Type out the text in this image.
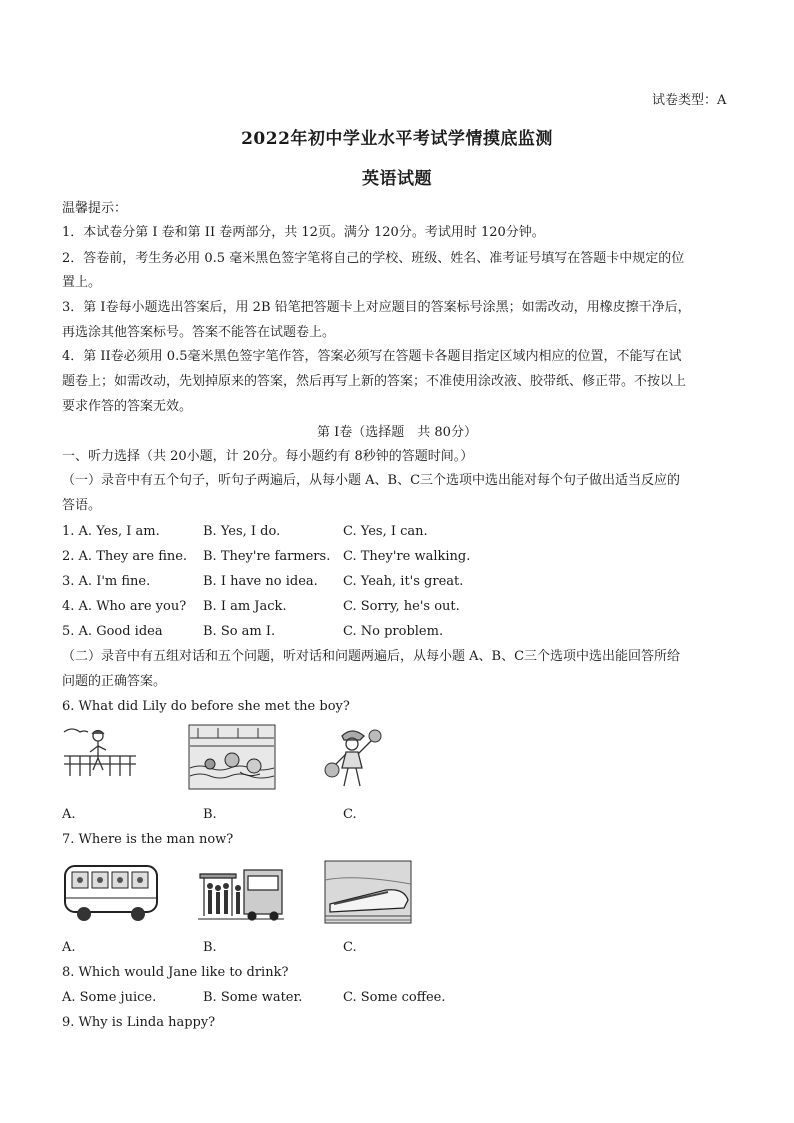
试卷类型：A
2022年初中学业水平考试学情摸底监测
英语试题
温馨提示：
1．本试卷分第 I 卷和第 II 卷两部分，共 12页。满分 120分。考试用时 120分钟。
2．答卷前，考生务必用 0.5 毫米黑色签字笔将自己的学校、班级、姓名、准考证号填写在答题卡中规定的位
置上。
3．第 I卷每小题选出答案后，用 2B 铅笔把答题卡上对应题目的答案标号涂黑；如需改动，用橡皮擦干净后，
再选涂其他答案标号。答案不能答在试题卷上。
4．第 II卷必须用 0.5毫米黑色签字笔作答，答案必须写在答题卡各题目指定区域内相应的位置，不能写在试
题卷上；如需改动，先划掉原来的答案，然后再写上新的答案；不准使用涂改液、胶带纸、修正带。不按以上
要求作答的答案无效。
第 I卷（选择题　共 80分）
一、听力选择（共 20小题，计 20分。每小题约有 8秒钟的答题时间。）
（一）录音中有五个句子，听句子两遍后，从每小题 A、B、C三个选项中选出能对每个句子做出适当反应的
答语。
1. A. Yes, I am.	B. Yes, I do.	C. Yes, I can.
2. A. They are fine. B. They're farmers. C. They're walking.
3. A. I'm fine.	B. I have no idea. C. Yeah, it's great.
4. A. Who are you? B. I am Jack.	C. Sorry, he's out.
5. A. Good idea	B. So am I.	C. No problem.
（二）录音中有五组对话和五个问题，听对话和问题两遍后，从每小题 A、B、C三个选项中选出能回答所给
问题的正确答案。
6. What did Lily do before she met the boy?
A.	B.	C.
7. Where is the man now?
A.	B.	C.
8. Which would Jane like to drink?
A. Some juice.	B. Some water.	C. Some coffee.
9. Why is Linda happy?
